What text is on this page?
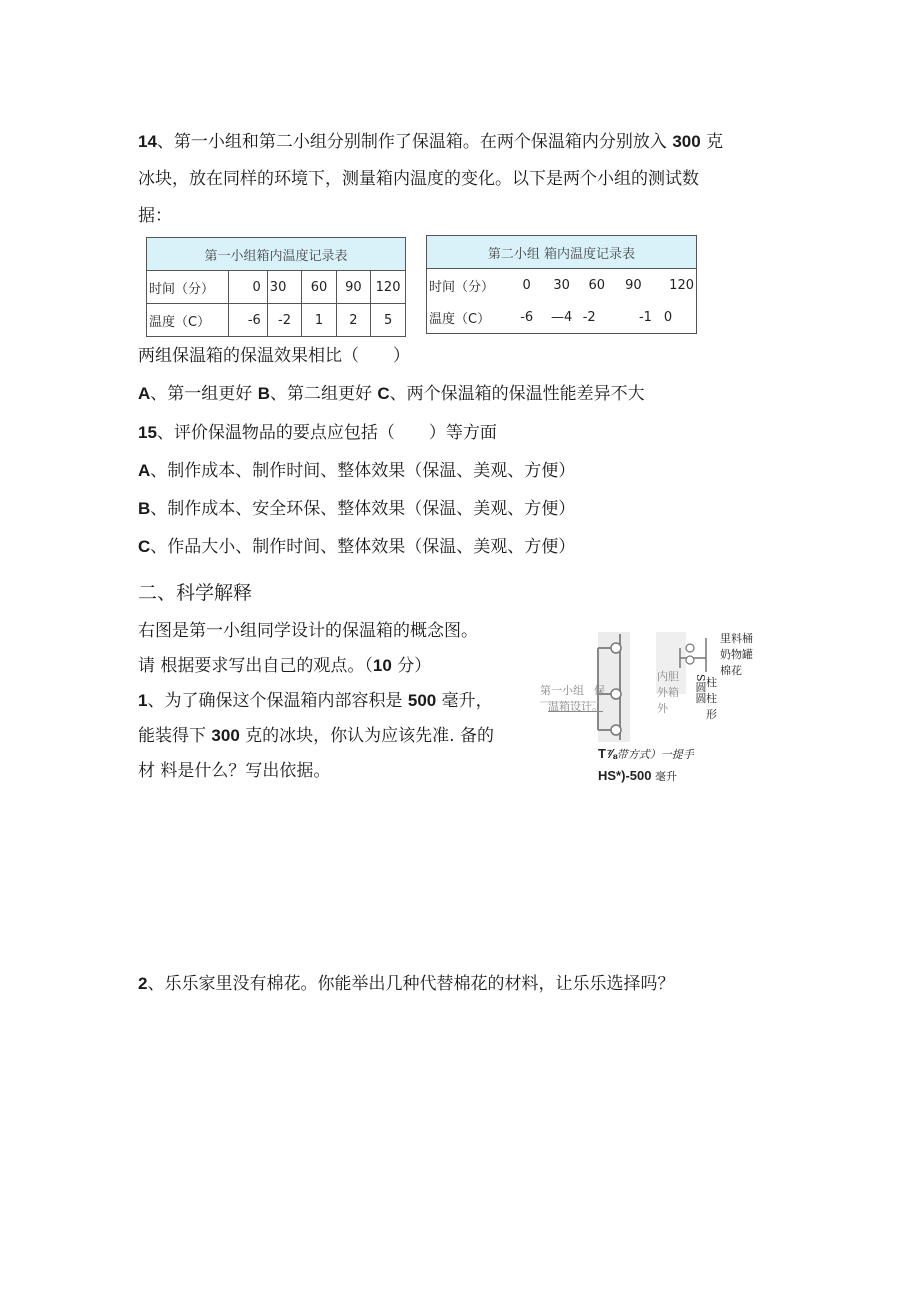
14、第一小组和第二小组分别制作了保温箱。在两个保温箱内分别放入 300 克
冰块，放在同样的环境下，测量箱内温度的变化。以下是两个小组的测试数
据：
第一小组箱内温度记录表					
时间（分）	0	30	60	90	120
温度（C）	-6	-2	1	2	5
第二小组 箱内温度记录表					
时间（分）	0	30	60	90	120
温度（C）	-6	—4	-2	-1	0
两组保温箱的保温效果相比（　　）
A、第一组更好 B、第二组更好 C、两个保温箱的保温性能差异不大
15、评价保温物品的要点应包括（　　）等方面
A、制作成本、制作时间、整体效果（保温、美观、方便）
B、制作成本、安全环保、整体效果（保温、美观、方便）
C、作品大小、制作时间、整体效果（保温、美观、方便）
二、科学解释
右图是第一小组同学设计的保温箱的概念图。
请 根据要求写出自己的观点。（10 分）
1、为了确保这个保温箱内部容积是 500 毫升，
能装得下 300 克的冰块，你认为应该先准. 备的
材 料是什么？写出依据。
第一小组 保
温箱设计。
内胆
外箱
外
S圆圆 柱
柱
形
里料桶
奶物罐
棉花
T⅞带方式）一提手
HS*)-500 毫升
2、乐乐家里没有棉花。你能举出几种代替棉花的材料，让乐乐选择吗？
